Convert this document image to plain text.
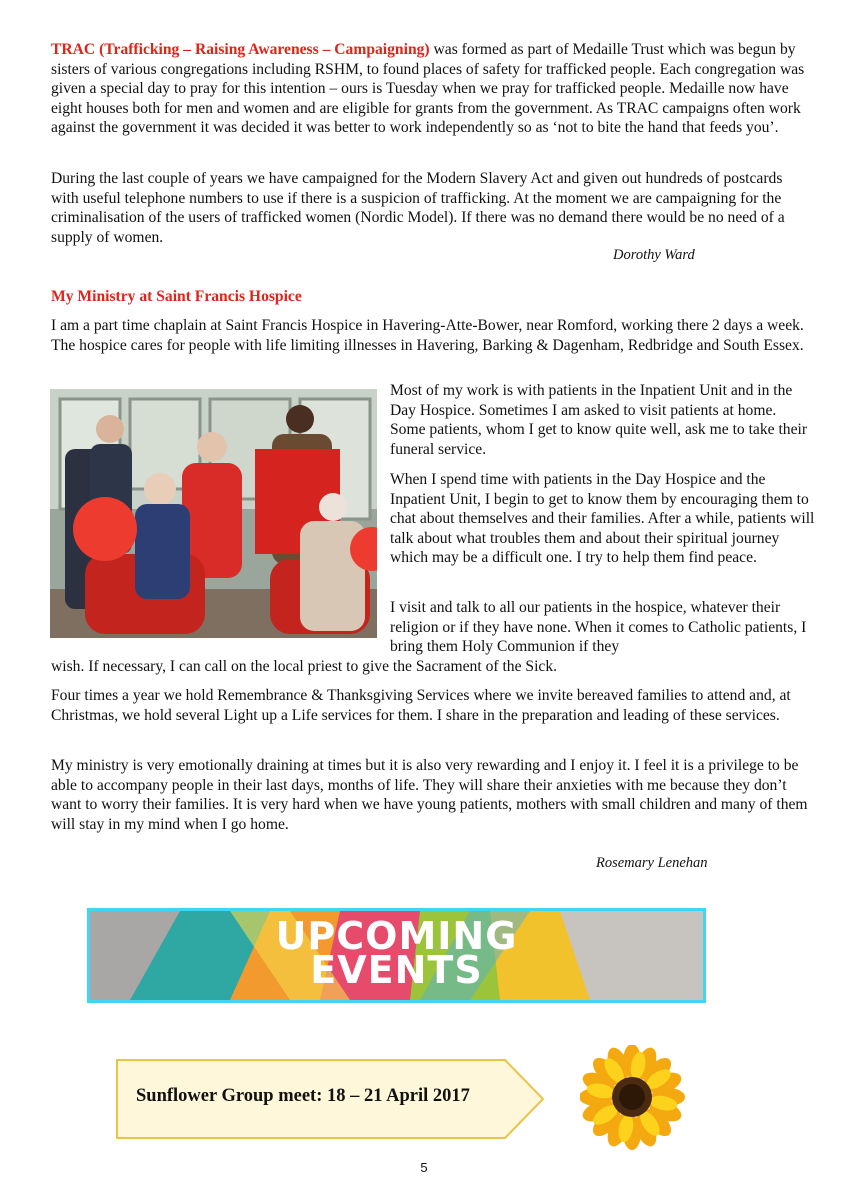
TRAC (Trafficking – Raising Awareness – Campaigning) was formed as part of Medaille Trust which was begun by sisters of various congregations including RSHM, to found places of safety for trafficked people. Each congregation was given a special day to pray for this intention – ours is Tuesday when we pray for trafficked people. Medaille now have eight houses both for men and women and are eligible for grants from the government. As TRAC campaigns often work against the government it was decided it was better to work independently so as ‘not to bite the hand that feeds you’.
During the last couple of years we have campaigned for the Modern Slavery Act and given out hundreds of postcards with useful telephone numbers to use if there is a suspicion of trafficking. At the moment we are campaigning for the criminalisation of the users of trafficked women (Nordic Model). If there was no demand there would be no need of a supply of women.
Dorothy Ward
My Ministry at Saint Francis Hospice
I am a part time chaplain at Saint Francis Hospice in Havering-Atte-Bower, near Romford, working there 2 days a week. The hospice cares for people with life limiting illnesses in Havering, Barking & Dagenham, Redbridge and South Essex.
Most of my work is with patients in the Inpatient Unit and in the Day Hospice. Sometimes I am asked to visit patients at home. Some patients, whom I get to know quite well, ask me to take their funeral service.
When I spend time with patients in the Day Hospice and the Inpatient Unit, I begin to get to know them by encouraging them to chat about themselves and their families. After a while, patients will talk about what troubles them and about their spiritual journey which may be a difficult one. I try to help them find peace.
I visit and talk to all our patients in the hospice, whatever their religion or if they have none. When it comes to Catholic patients, I bring them Holy Communion if they
wish. If necessary, I can call on the local priest to give the Sacrament of the Sick.
Four times a year we hold Remembrance & Thanksgiving Services where we invite bereaved families to attend and, at Christmas, we hold several Light up a Life services for them. I share in the preparation and leading of these services.
My ministry is very emotionally draining at times but it is also very rewarding and I enjoy it. I feel it is a privilege to be able to accompany people in their last days, months of life. They will share their anxieties with me because they don’t want to worry their families. It is very hard when we have young patients, mothers with small children and many of them will stay in my mind when I go home.
Rosemary Lenehan
UPCOMING
EVENTS
Sunflower Group meet: 18 – 21 April 2017
5
